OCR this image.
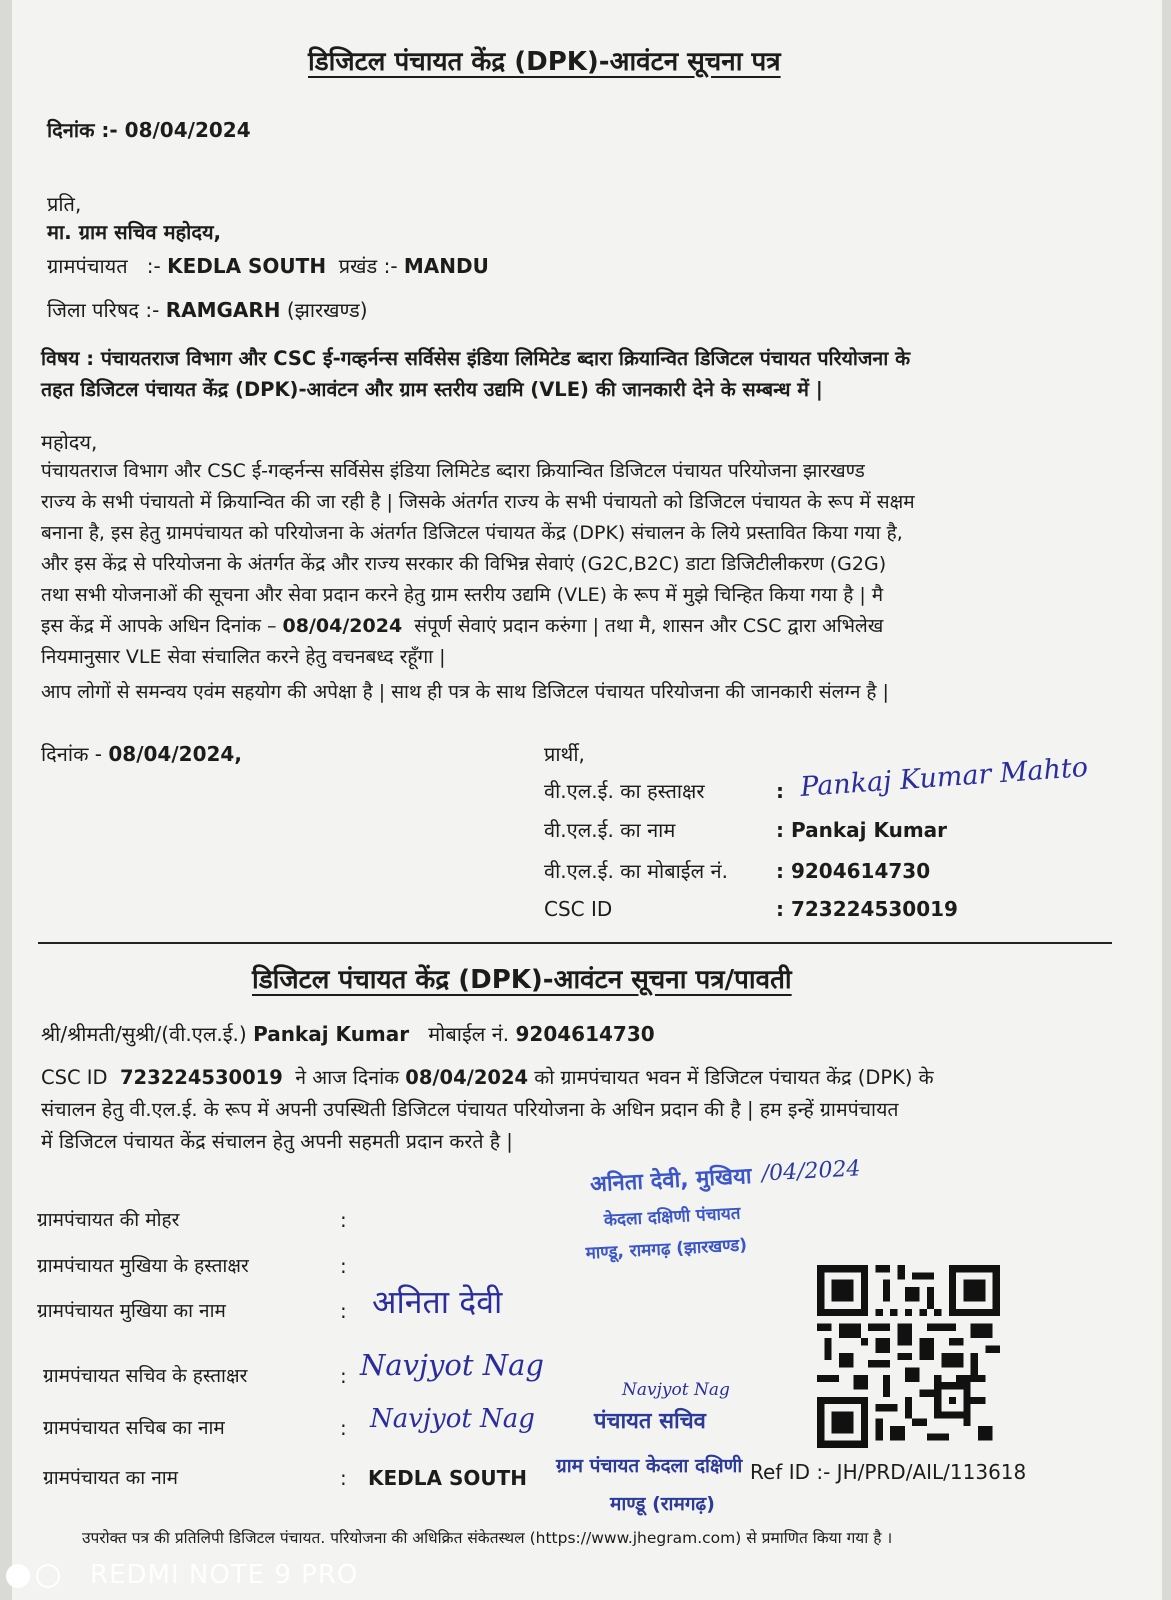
डिजिटल पंचायत केंद्र (DPK)-आवंटन सूचना पत्र
दिनांक :- 08/04/2024
प्रति,
मा. ग्राम सचिव महोदय,
ग्रामपंचायत :- KEDLA SOUTH प्रखंड :- MANDU
जिला परिषद :- RAMGARH (झारखण्ड)
विषय : पंचायतराज विभाग और CSC ई-गव्हर्नन्स सर्विसेस इंडिया लिमिटेड ब्दारा क्रियान्वित डिजिटल पंचायत परियोजना के
तहत डिजिटल पंचायत केंद्र (DPK)-आवंटन और ग्राम स्तरीय उद्यमि (VLE) की जानकारी देने के सम्बन्ध में |
महोदय,
पंचायतराज विभाग और CSC ई-गव्हर्नन्स सर्विसेस इंडिया लिमिटेड ब्दारा क्रियान्वित डिजिटल पंचायत परियोजना झारखण्ड
राज्य के सभी पंचायतो में क्रियान्वित की जा रही है | जिसके अंतर्गत राज्य के सभी पंचायतो को डिजिटल पंचायत के रूप में सक्षम
बनाना है, इस हेतु ग्रामपंचायत को परियोजना के अंतर्गत डिजिटल पंचायत केंद्र (DPK) संचालन के लिये प्रस्तावित किया गया है,
और इस केंद्र से परियोजना के अंतर्गत केंद्र और राज्य सरकार की विभिन्न सेवाएं (G2C,B2C) डाटा डिजिटीलीकरण (G2G)
तथा सभी योजनाओं की सूचना और सेवा प्रदान करने हेतु ग्राम स्तरीय उद्यमि (VLE) के रूप में मुझे चिन्हित किया गया है | मै
इस केंद्र में आपके अधिन दिनांक – 08/04/2024 संपूर्ण सेवाएं प्रदान करुंगा | तथा मै, शासन और CSC द्वारा अभिलेख
नियमानुसार VLE सेवा संचालित करने हेतु वचनबध्द रहूँगा |
आप लोगों से समन्वय एवंम सहयोग की अपेक्षा है | साथ ही पत्र के साथ डिजिटल पंचायत परियोजना की जानकारी संलग्न है |
दिनांक - 08/04/2024,	प्रार्थी,
वी.एल.ई. का हस्ताक्षर	: Pankaj Kumar Mahto
वी.एल.ई. का नाम	: Pankaj Kumar
वी.एल.ई. का मोबाईल नं. : 9204614730
CSC ID	: 723224530019
डिजिटल पंचायत केंद्र (DPK)-आवंटन सूचना पत्र/पावती
श्री/श्रीमती/सुश्री/(वी.एल.ई.) Pankaj Kumar मोबाईल नं. 9204614730
CSC ID 723224530019 ने आज दिनांक 08/04/2024 को ग्रामपंचायत भवन में डिजिटल पंचायत केंद्र (DPK) के
संचालन हेतु वी.एल.ई. के रूप में अपनी उपस्थिती डिजिटल पंचायत परियोजना के अधिन प्रदान की है | हम इन्हें ग्रामपंचायत
में डिजिटल पंचायत केंद्र संचालन हेतु अपनी सहमती प्रदान करते है |
ग्रामपंचायत की मोहर	:
ग्रामपंचायत मुखिया के हस्ताक्षर	:
ग्रामपंचायत मुखिया का नाम	: अनिता देवी
ग्रामपंचायत सचिव के हस्ताक्षर	: Navjyot Nag
ग्रामपंचायत सचिब का नाम	: Navjyot Nag
ग्रामपंचायत का नाम	: KEDLA SOUTH
अनिता देवी, मुखिया /04/2024
केदला दक्षिणी पंचायत
माण्डू, रामगढ़ (झारखण्ड)
Navjyot Nag
पंचायत सचिव
ग्राम पंचायत केदला दक्षिणी
माण्डू (रामगढ़)
Ref ID :- JH/PRD/AIL/113618
उपरोक्त पत्र की प्रतिलिपी डिजिटल पंचायत. परियोजना की अधिक्रित संकेतस्थल (https://www.jhegram.com) से प्रमाणित किया गया है ।
REDMI NOTE 9 PRO
